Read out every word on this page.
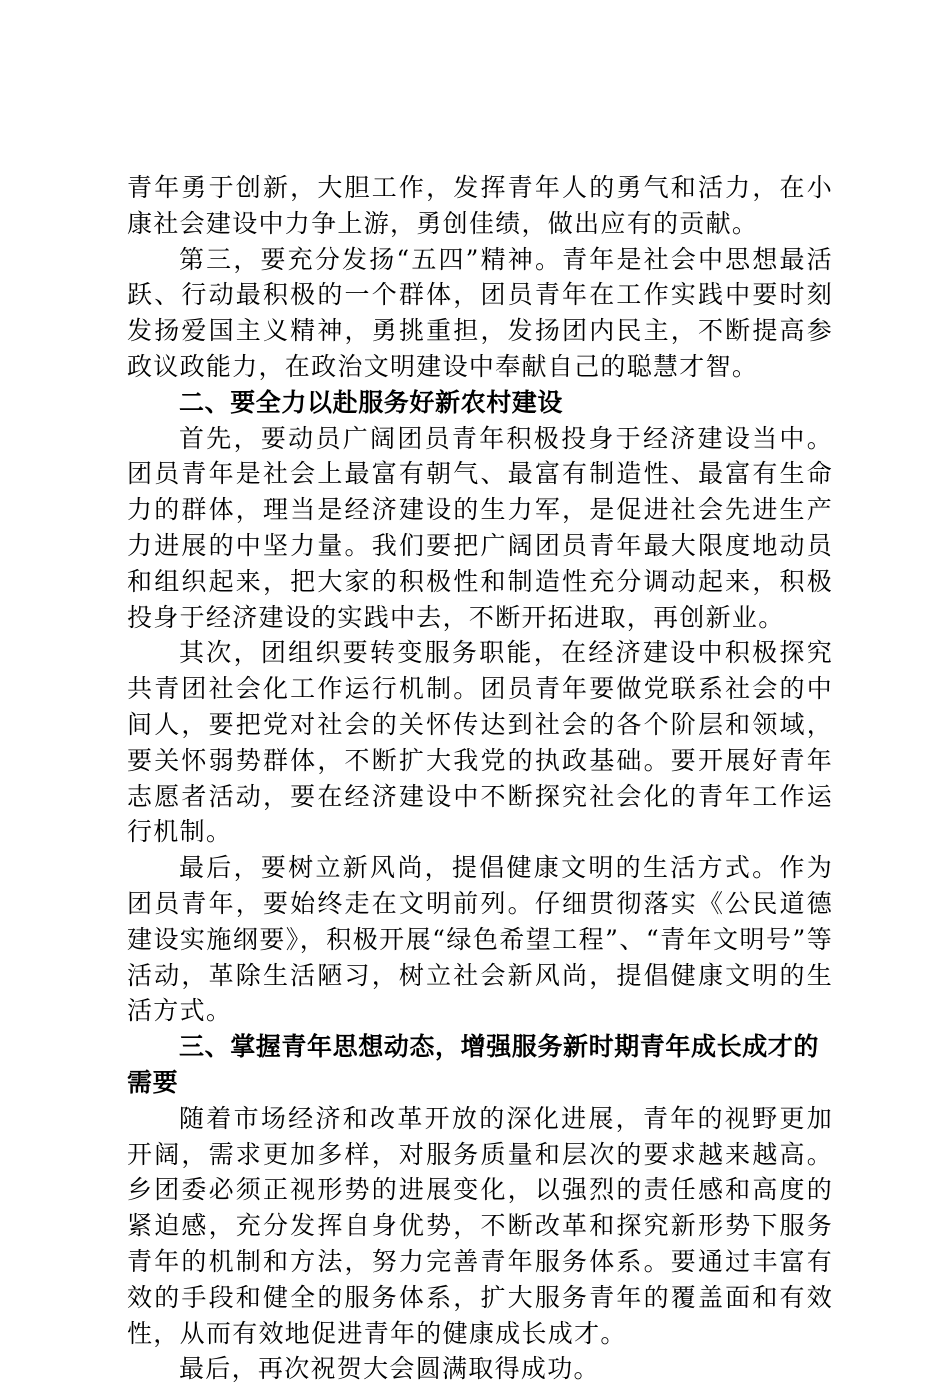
青年勇于创新，大胆工作，发挥青年人的勇气和活力，在小康社会建设中力争上游，勇创佳绩，做出应有的贡献。

第三，要充分发扬“五四”精神。青年是社会中思想最活跃、行动最积极的一个群体，团员青年在工作实践中要时刻发扬爱国主义精神，勇挑重担，发扬团内民主，不断提高参政议政能力，在政治文明建设中奉献自己的聪慧才智。

二、要全力以赴服务好新农村建设

首先，要动员广阔团员青年积极投身于经济建设当中。团员青年是社会上最富有朝气、最富有制造性、最富有生命力的群体，理当是经济建设的生力军，是促进社会先进生产力进展的中坚力量。我们要把广阔团员青年最大限度地动员和组织起来，把大家的积极性和制造性充分调动起来，积极投身于经济建设的实践中去，不断开拓进取，再创新业。

其次，团组织要转变服务职能，在经济建设中积极探究共青团社会化工作运行机制。团员青年要做党联系社会的中间人，要把党对社会的关怀传达到社会的各个阶层和领域，要关怀弱势群体，不断扩大我党的执政基础。要开展好青年志愿者活动，要在经济建设中不断探究社会化的青年工作运行机制。

最后，要树立新风尚，提倡健康文明的生活方式。作为团员青年，要始终走在文明前列。仔细贯彻落实《公民道德建设实施纲要》，积极开展“绿色希望工程”、“青年文明号”等活动，革除生活陋习，树立社会新风尚，提倡健康文明的生活方式。

三、掌握青年思想动态，增强服务新时期青年成长成才的需要

随着市场经济和改革开放的深化进展，青年的视野更加开阔，需求更加多样，对服务质量和层次的要求越来越高。乡团委必须正视形势的进展变化，以强烈的责任感和高度的紧迫感，充分发挥自身优势，不断改革和探究新形势下服务青年的机制和方法，努力完善青年服务体系。要通过丰富有效的手段和健全的服务体系，扩大服务青年的覆盖面和有效性，从而有效地促进青年的健康成长成才。

最后，再次祝贺大会圆满取得成功。
